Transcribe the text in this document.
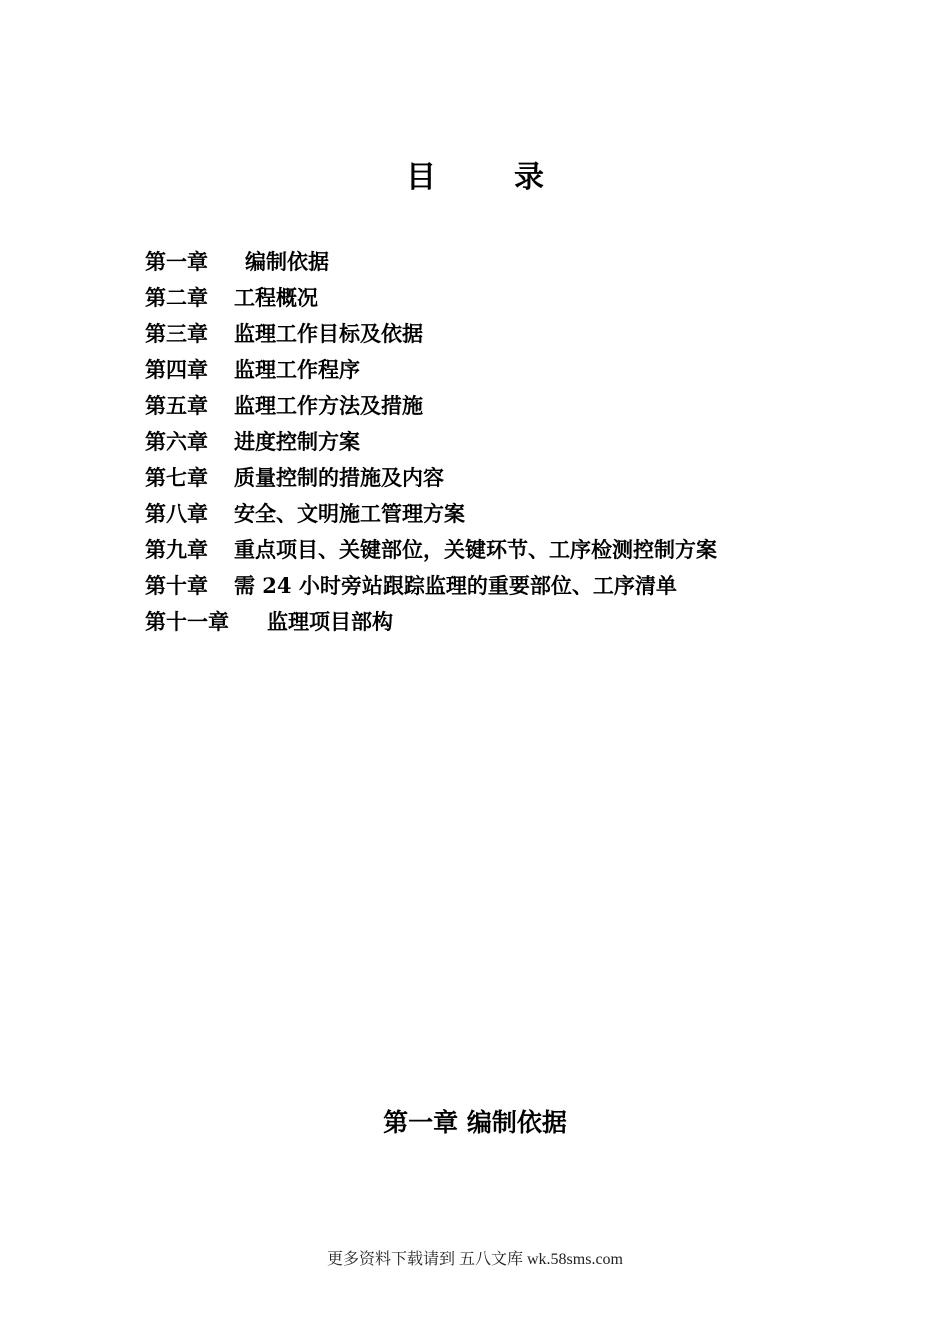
目	录
第一章 编制依据
第二章 工程概况
第三章 监理工作目标及依据
第四章 监理工作程序
第五章 监理工作方法及措施
第六章 进度控制方案
第七章 质量控制的措施及内容
第八章 安全、文明施工管理方案
第九章 重点项目、关键部位，关键环节、工序检测控制方案
第十章 需 24 小时旁站跟踪监理的重要部位、工序清单
第十一章 监理项目部构
第一章 编制依据
更多资料下载请到 五八文库 wk.58sms.com
